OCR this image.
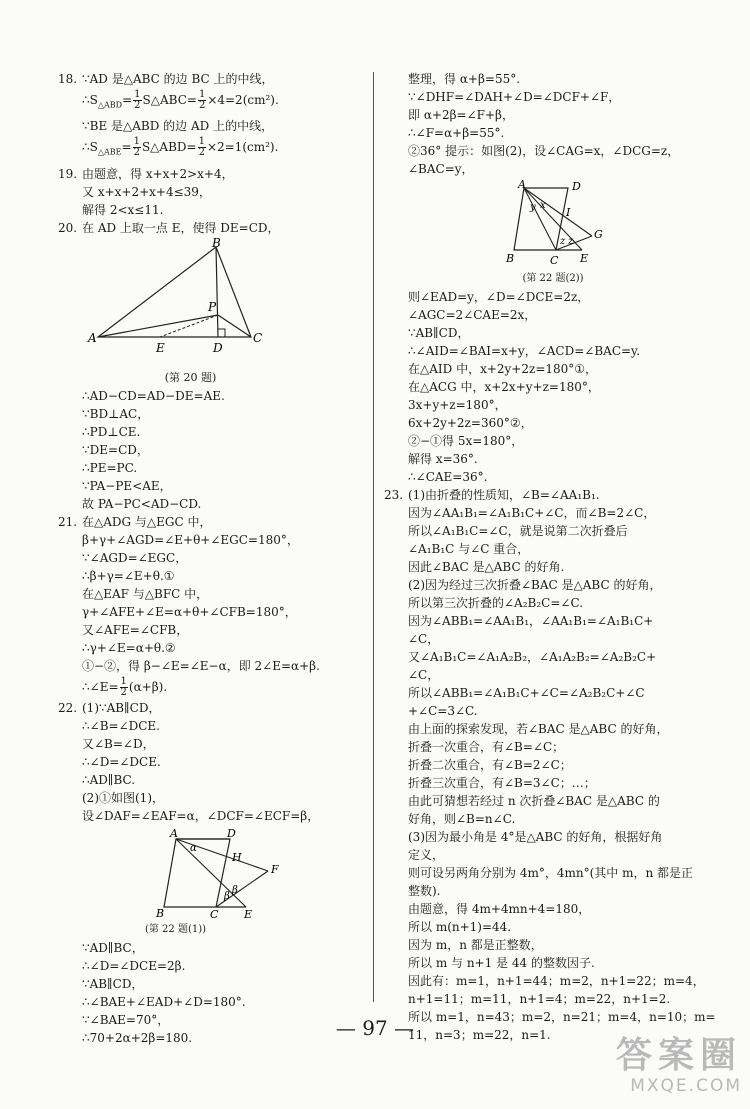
18. ∵AD 是△ABC 的边 BC 上的中线，
$\therefore S_{\triangle ABD}= \frac{1}{2}$ S△ABC= $\frac{1}{2} \times 4=2(cm^2)$.
∵BE 是△ABD 的边 AD 上的中线，
$\therefore S_{\triangle ABE}= \frac{1}{2}$ S△ABD= $\frac{1}{2} \times 2=1(cm^2)$.
19. 由题意，得 x+x+2>x+4，
又 x+x+2+x+4≤39，
解得 2<x≤11.
20. 在 AD 上取一点 E，使得 DE=CD，
B
A	C
D
E
P
(第 20 题)
∴AD−CD=AD−DE=AE.
∵BD⊥AC，
∴PD⊥CE.
∵DE=CD，
∴PE=PC.
∵PA−PE<AE，
故 PA−PC<AD−CD.
21. 在△ADG 与△EGC 中，
β+γ+∠AGD=∠E+θ+∠EGC=180°，
∵∠AGD=∠EGC，
∴β+γ=∠E+θ.①
在△EAF 与△BFC 中，
γ+∠AFE+∠E=α+θ+∠CFB=180°，
又∠AFE=∠CFB，
∴γ+∠E=α+θ.②
①−②，得 β−∠E=∠E−α，即 2∠E=α+β.
∴∠E= $\frac{1}{2} (\alpha+\beta)$.
22. (1)∵AB∥CD，
∴∠B=∠DCE.
又∠B=∠D，
∴∠D=∠DCE.
∴AD∥BC.
(2)①如图(1)，
设∠DAF=∠EAF=α，∠DCF=∠ECF=β，
A	D
B	C E
F
H
α
β
β
(第 22 题(1))
∵AD∥BC，
∴∠D=∠DCE=2β.
∵AB∥CD，
∴∠BAE+∠EAD+∠D=180°.
∵∠BAE=70°，
∴70+2α+2β=180.
整理，得 α+β=55°.
∵∠DHF=∠DAH+∠D=∠DCF+∠F，
即 α+2β=∠F+β，
∴∠F=α+β=55°.
②36° 提示：如图(2)，设∠CAG=x，∠DCG=z，
∠BAC=y，
A	D
B	C E
G
I
y x
z z
(第 22 题(2))
则∠EAD=y，∠D=∠DCE=2z，
∠AGC=2∠CAE=2x，
∵AB∥CD，
∴∠AID=∠BAI=x+y，∠ACD=∠BAC=y.
在△AID 中，x+2y+2z=180°①，
在△ACG 中，x+2x+y+z=180°，
3x+y+z=180°，
6x+2y+2z=360°②，
②−①得 5x=180°，
解得 x=36°.
∴∠CAE=36°.
23. (1)由折叠的性质知，∠B=∠AA₁B₁.
因为∠AA₁B₁=∠A₁B₁C+∠C，而∠B=2∠C，
所以∠A₁B₁C=∠C，就是说第二次折叠后
∠A₁B₁C 与∠C 重合，
因此∠BAC 是△ABC 的好角.
(2)因为经过三次折叠∠BAC 是△ABC 的好角，
所以第三次折叠的∠A₂B₂C=∠C.
因为∠ABB₁=∠AA₁B₁，∠AA₁B₁=∠A₁B₁C+
∠C，
又∠A₁B₁C=∠A₁A₂B₂，∠A₁A₂B₂=∠A₂B₂C+
∠C，
所以∠ABB₁=∠A₁B₁C+∠C=∠A₂B₂C+∠C
+∠C=3∠C.
由上面的探索发现，若∠BAC 是△ABC 的好角，
折叠一次重合，有∠B=∠C；
折叠二次重合，有∠B=2∠C；
折叠三次重合，有∠B=3∠C；…；
由此可猜想若经过 n 次折叠∠BAC 是△ABC 的
好角，则∠B=n∠C.
(3)因为最小角是 4°是△ABC 的好角，根据好角
定义，
则可设另两角分别为 4m°，4mn°(其中 m，n 都是正
整数).
由题意，得 4m+4mn+4=180，
所以 m(n+1)=44.
因为 m，n 都是正整数，
所以 m 与 n+1 是 44 的整数因子.
因此有：m=1，n+1=44；m=2，n+1=22；m=4，
n+1=11；m=11，n+1=4；m=22，n+1=2.
所以 m=1，n=43；m=2，n=21；m=4，n=10；m=
11，n=3；m=22，n=1.
— 97 —
答案圈
MXQE.COM
